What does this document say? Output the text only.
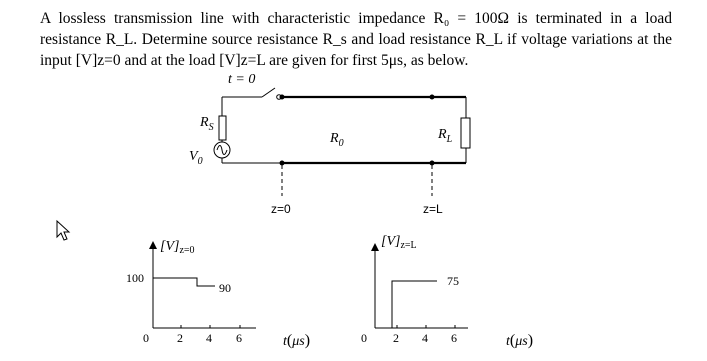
A lossless transmission line with characteristic impedance R₀ = 100Ω is terminated in a load resistance R_L. Determine source resistance R_s and load resistance R_L if voltage variations at the input [V]z=0 and at the load [V]z=L are given for first 5μs, as below.
t = 0
$R_S$
$V_0$
$R_0$
$R_L$
z=0	z=L
$[V]_{z=0}$
100
0
90
2 4 6	t(μs)
$[V]_{z=L}$
0
75
2 4 6	t(μs)
